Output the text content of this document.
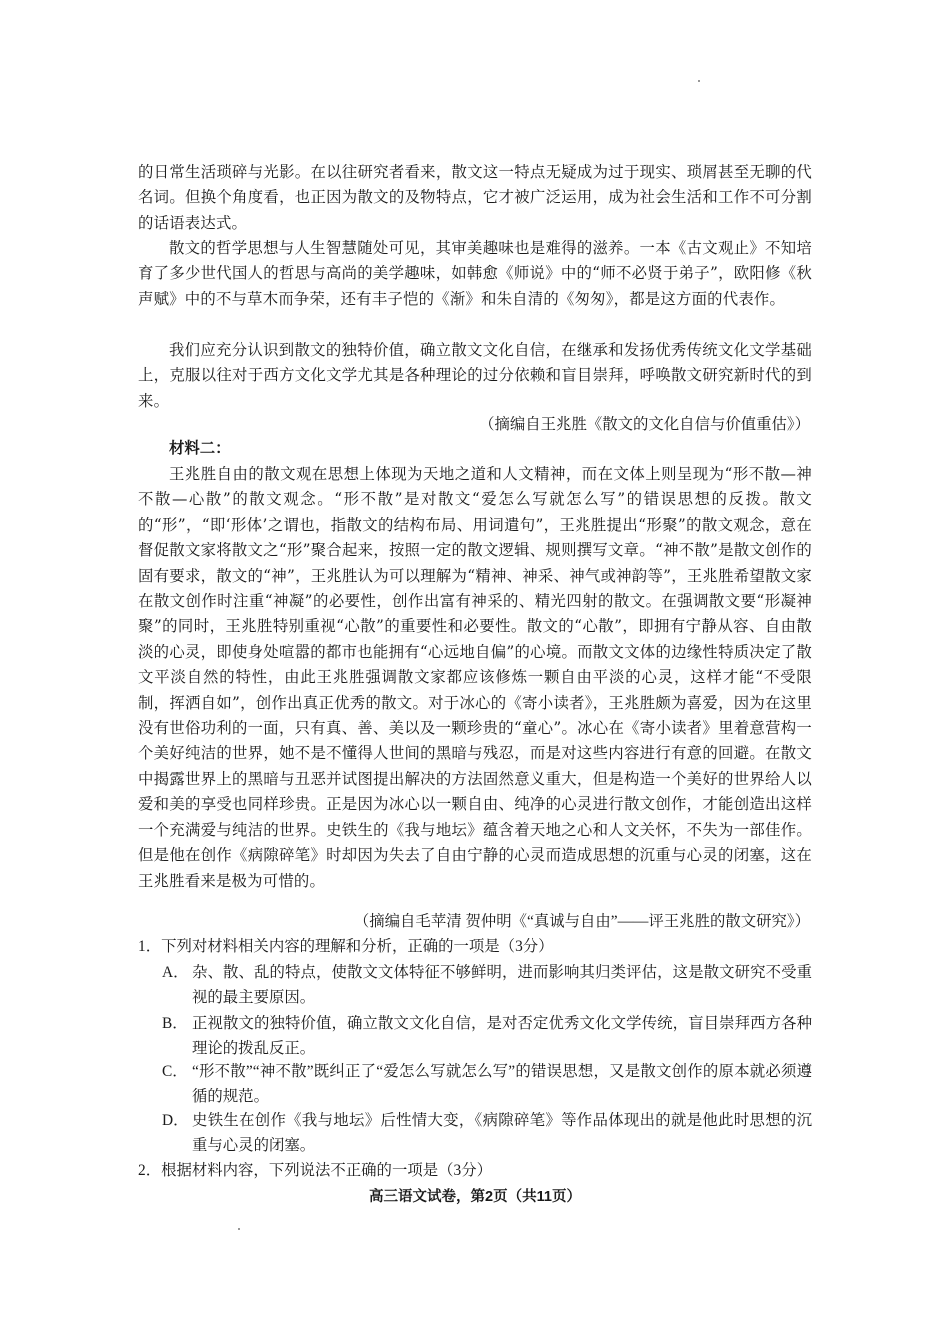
的日常生活琐碎与光影。在以往研究者看来，散文这一特点无疑成为过于现实、琐屑甚至无聊的代名词。但换个角度看，也正因为散文的及物特点，它才被广泛运用，成为社会生活和工作不可分割的话语表达式。

散文的哲学思想与人生智慧随处可见，其审美趣味也是难得的滋养。一本《古文观止》不知培育了多少世代国人的哲思与高尚的美学趣味，如韩愈《师说》中的“师不必贤于弟子”，欧阳修《秋声赋》中的不与草木而争荣，还有丰子恺的《渐》和朱自清的《匆匆》，都是这方面的代表作。

我们应充分认识到散文的独特价值，确立散文文化自信，在继承和发扬优秀传统文化文学基础上，克服以往对于西方文化文学尤其是各种理论的过分依赖和盲目崇拜，呼唤散文研究新时代的到来。

（摘编自王兆胜《散文的文化自信与价值重估》）

材料二：

王兆胜自由的散文观在思想上体现为天地之道和人文精神，而在文体上则呈现为“形不散—神不散—心散”的散文观念。“形不散”是对散文“爱怎么写就怎么写”的错误思想的反拨。散文的“形”，“即‘形体’之谓也，指散文的结构布局、用词遣句”，王兆胜提出“形聚”的散文观念，意在督促散文家将散文之“形”聚合起来，按照一定的散文逻辑、规则撰写文章。“神不散”是散文创作的固有要求，散文的“神”，王兆胜认为可以理解为“精神、神采、神气或神韵等”，王兆胜希望散文家在散文创作时注重“神凝”的必要性，创作出富有神采的、精光四射的散文。在强调散文要“形凝神聚”的同时，王兆胜特别重视“心散”的重要性和必要性。散文的“心散”，即拥有宁静从容、自由散淡的心灵，即使身处喧嚣的都市也能拥有“心远地自偏”的心境。而散文文体的边缘性特质决定了散文平淡自然的特性，由此王兆胜强调散文家都应该修炼一颗自由平淡的心灵，这样才能“不受限制，挥洒自如”，创作出真正优秀的散文。对于冰心的《寄小读者》，王兆胜颇为喜爱，因为在这里没有世俗功利的一面，只有真、善、美以及一颗珍贵的“童心”。冰心在《寄小读者》里着意营构一个美好纯洁的世界，她不是不懂得人世间的黑暗与残忍，而是对这些内容进行有意的回避。在散文中揭露世界上的黑暗与丑恶并试图提出解决的方法固然意义重大，但是构造一个美好的世界给人以爱和美的享受也同样珍贵。正是因为冰心以一颗自由、纯净的心灵进行散文创作，才能创造出这样一个充满爱与纯洁的世界。史铁生的《我与地坛》蕴含着天地之心和人文关怀，不失为一部佳作。但是他在创作《病隙碎笔》时却因为失去了自由宁静的心灵而造成思想的沉重与心灵的闭塞，这在王兆胜看来是极为可惜的。

（摘编自毛苹清 贺仲明《“真诚与自由”——评王兆胜的散文研究》）

1．下列对材料相关内容的理解和分析，正确的一项是（3分）

A． 杂、散、乱的特点，使散文文体特征不够鲜明，进而影响其归类评估，这是散文研究不受重视的最主要原因。
B． 正视散文的独特价值，确立散文文化自信，是对否定优秀文化文学传统，盲目崇拜西方各种理论的拨乱反正。
C． “形不散”“神不散”既纠正了“爱怎么写就怎么写”的错误思想，又是散文创作的原本就必须遵循的规范。
D． 史铁生在创作《我与地坛》后性情大变，《病隙碎笔》等作品体现出的就是他此时思想的沉重与心灵的闭塞。

2．根据材料内容，下列说法不正确的一项是（3分）

高三语文试卷，第2页（共11页）
